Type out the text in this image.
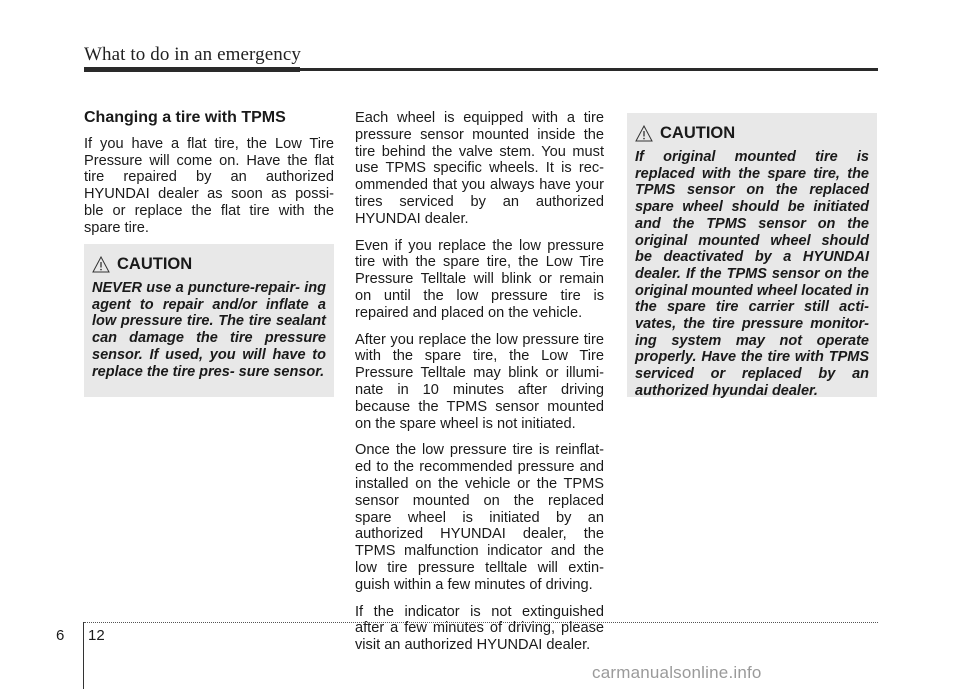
What to do in an emergency
Changing a tire with TPMS

If you have a flat tire, the Low Tire Pressure will come on. Have the flat tire repaired by an authorized HYUNDAI dealer as soon as possi- ble or replace the flat tire with the spare tire.

CAUTION

NEVER use a puncture-repair- ing agent to repair and/or inflate a low pressure tire. The tire sealant can damage the tire pressure sensor. If used, you will have to replace the tire pres- sure sensor.

Each wheel is equipped with a tire pressure sensor mounted inside the tire behind the valve stem. You must use TPMS specific wheels. It is rec- ommended that you always have your tires serviced by an authorized HYUNDAI dealer.

Even if you replace the low pressure tire with the spare tire, the Low Tire Pressure Telltale will blink or remain on until the low pressure tire is repaired and placed on the vehicle.

After you replace the low pressure tire with the spare tire, the Low Tire Pressure Telltale may blink or illumi- nate in 10 minutes after driving because the TPMS sensor mounted on the spare wheel is not initiated.

Once the low pressure tire is reinflat- ed to the recommended pressure and installed on the vehicle or the TPMS sensor mounted on the replaced spare wheel is initiated by an authorized HYUNDAI dealer, the TPMS malfunction indicator and the low tire pressure telltale will extin- guish within a few minutes of driving.

If the indicator is not extinguished after a few minutes of driving, please visit an authorized HYUNDAI dealer.

CAUTION

If original mounted tire is replaced with the spare tire, the TPMS sensor on the replaced spare wheel should be initiated and the TPMS sensor on the original mounted wheel should be deactivated by a HYUNDAI dealer. If the TPMS sensor on the original mounted wheel located in the spare tire carrier still acti- vates, the tire pressure monitor- ing system may not operate properly. Have the tire with TPMS serviced or replaced by an authorized hyundai dealer.

6 12
carmanualsonline.info
